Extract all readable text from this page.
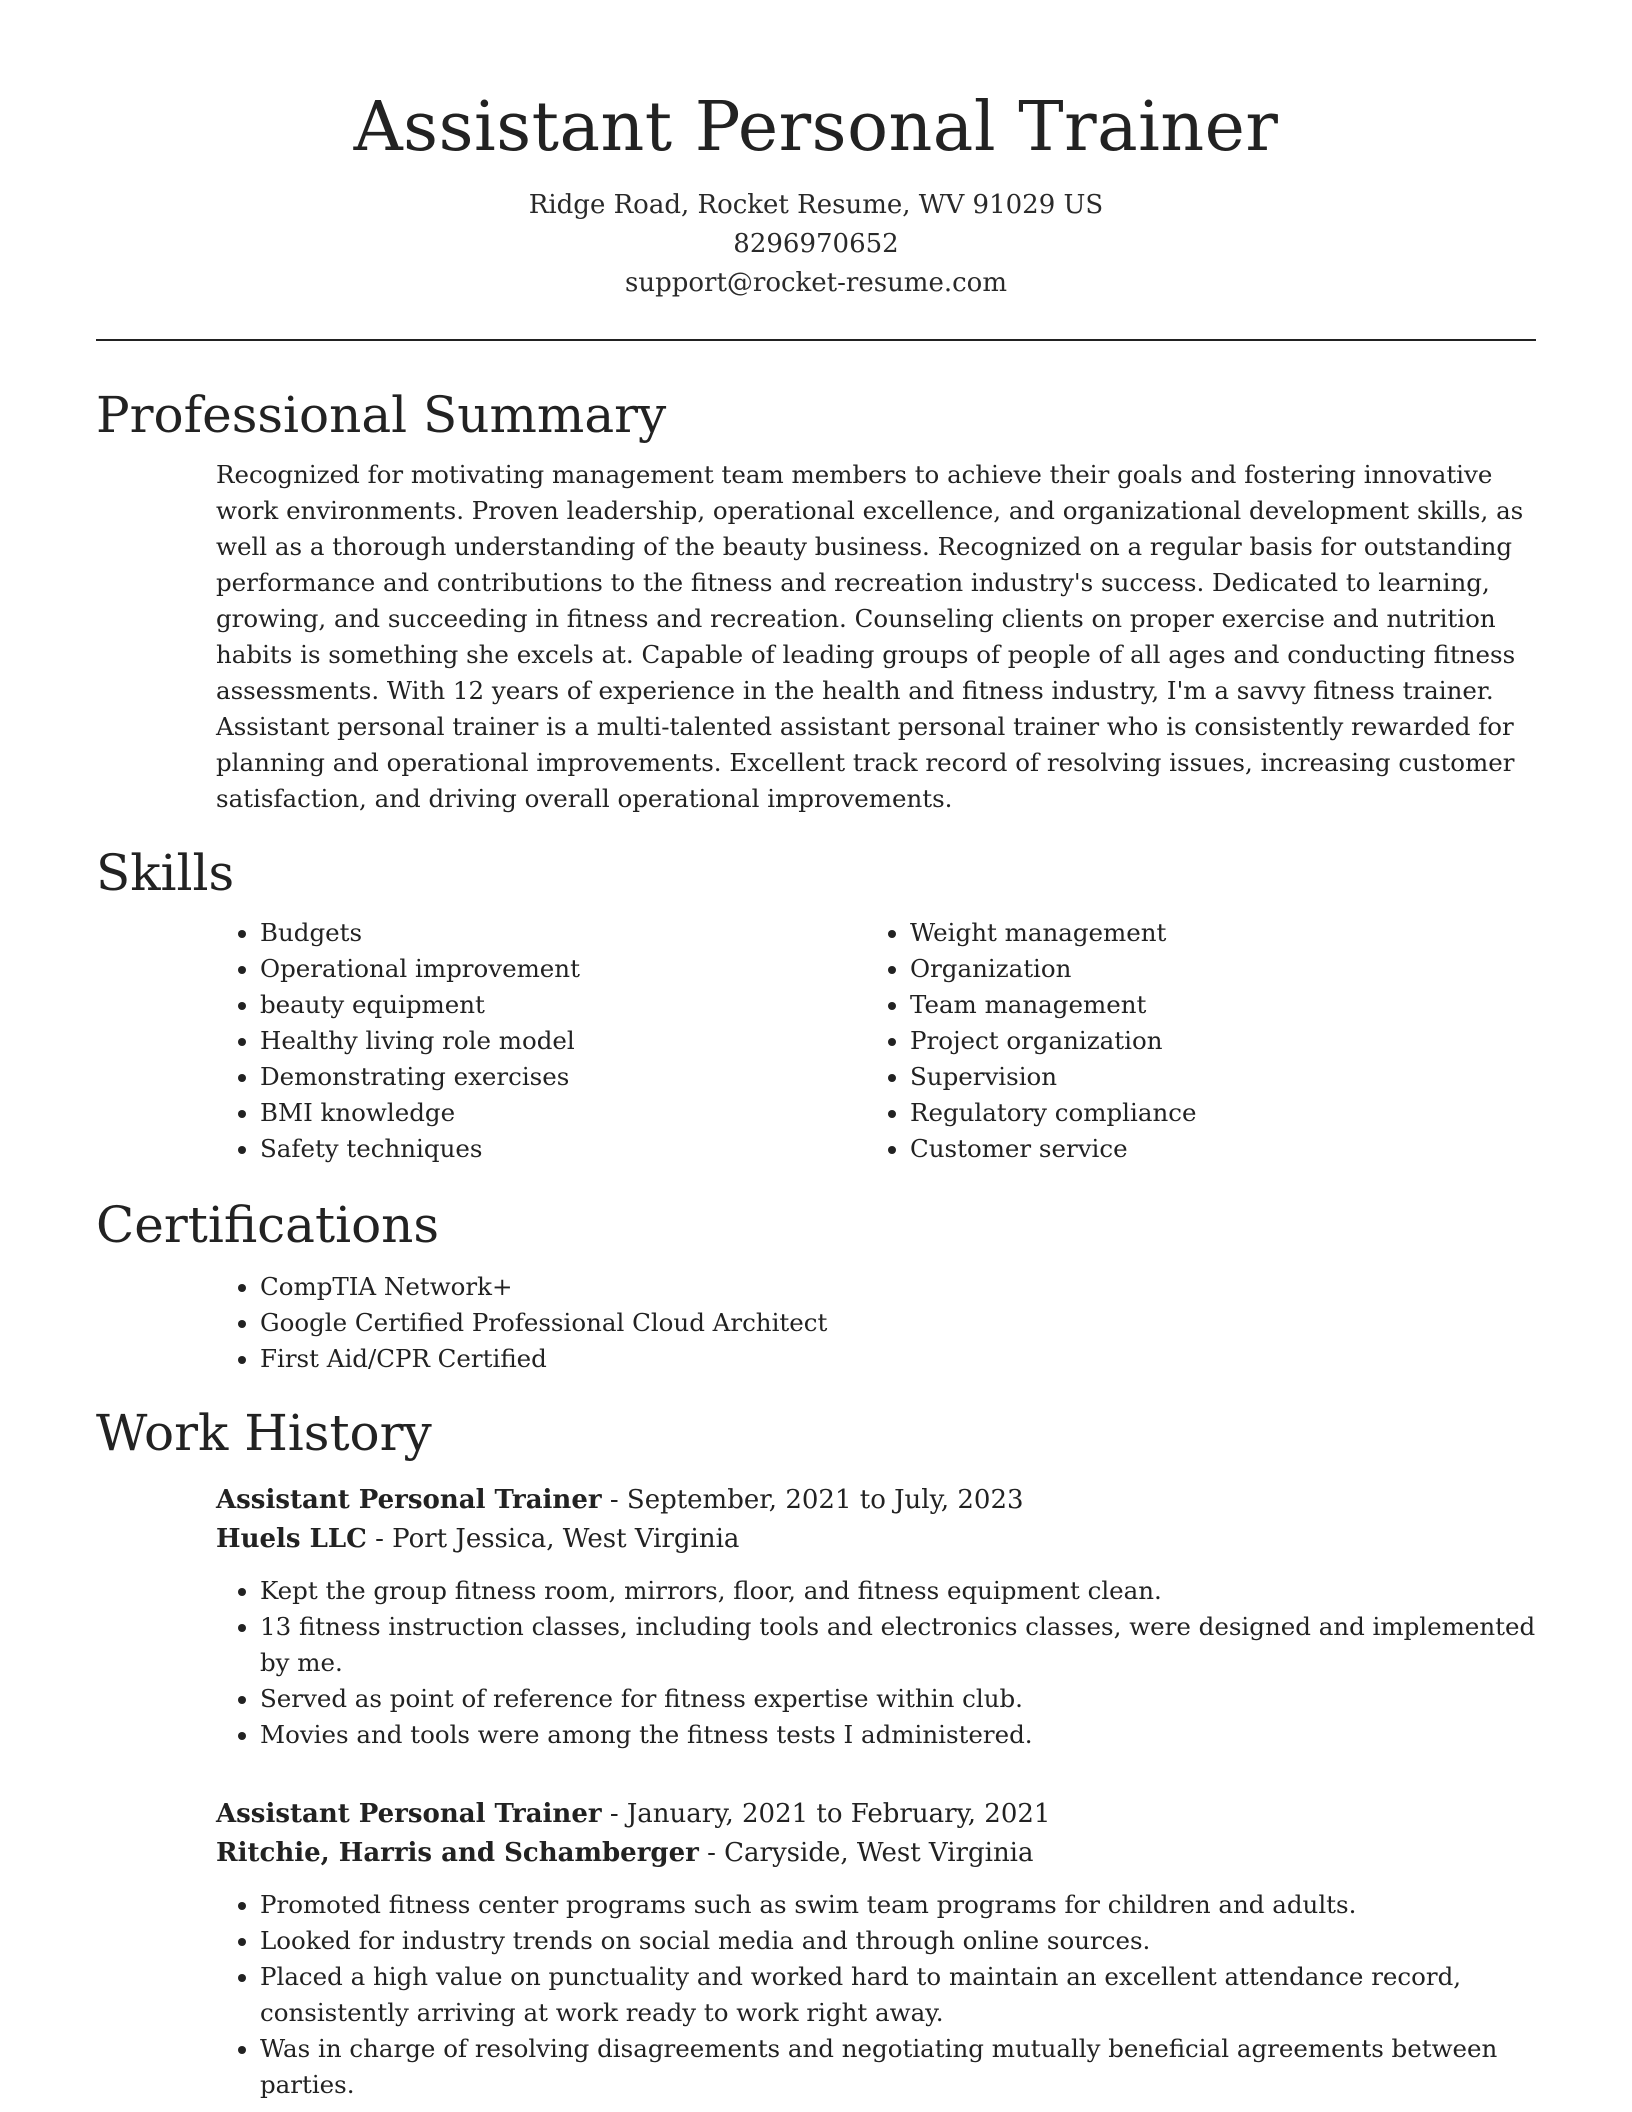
Assistant Personal Trainer
Ridge Road, Rocket Resume, WV 91029 US
8296970652
support@rocket-resume.com
Professional Summary

Recognized for motivating management team members to achieve their goals and fostering innovative work environments. Proven leadership, operational excellence, and organizational development skills, as well as a thorough understanding of the beauty business. Recognized on a regular basis for outstanding performance and contributions to the fitness and recreation industry's success. Dedicated to learning, growing, and succeeding in fitness and recreation. Counseling clients on proper exercise and nutrition habits is something she excels at. Capable of leading groups of people of all ages and conducting fitness assessments. With 12 years of experience in the health and fitness industry, I'm a savvy fitness trainer. Assistant personal trainer is a multi-talented assistant personal trainer who is consistently rewarded for planning and operational improvements. Excellent track record of resolving issues, increasing customer satisfaction, and driving overall operational improvements.

Skills
• Budgets
• Operational improvement
• beauty equipment
• Healthy living role model
• Demonstrating exercises
• BMI knowledge
• Safety techniques
• Weight management
• Organization
• Team management
• Project organization
• Supervision
• Regulatory compliance
• Customer service
Certifications
• CompTIA Network+
• Google Certified Professional Cloud Architect
• First Aid/CPR Certified
Work History
Assistant Personal Trainer - September, 2021 to July, 2023
Huels LLC - Port Jessica, West Virginia
• Kept the group fitness room, mirrors, floor, and fitness equipment clean.
• 13 fitness instruction classes, including tools and electronics classes, were designed and implemented by me.
• Served as point of reference for fitness expertise within club.
• Movies and tools were among the fitness tests I administered.
Assistant Personal Trainer - January, 2021 to February, 2021
Ritchie, Harris and Schamberger - Caryside, West Virginia
• Promoted fitness center programs such as swim team programs for children and adults.
• Looked for industry trends on social media and through online sources.
• Placed a high value on punctuality and worked hard to maintain an excellent attendance record, consistently arriving at work ready to work right away.
• Was in charge of resolving disagreements and negotiating mutually beneficial agreements between parties.
